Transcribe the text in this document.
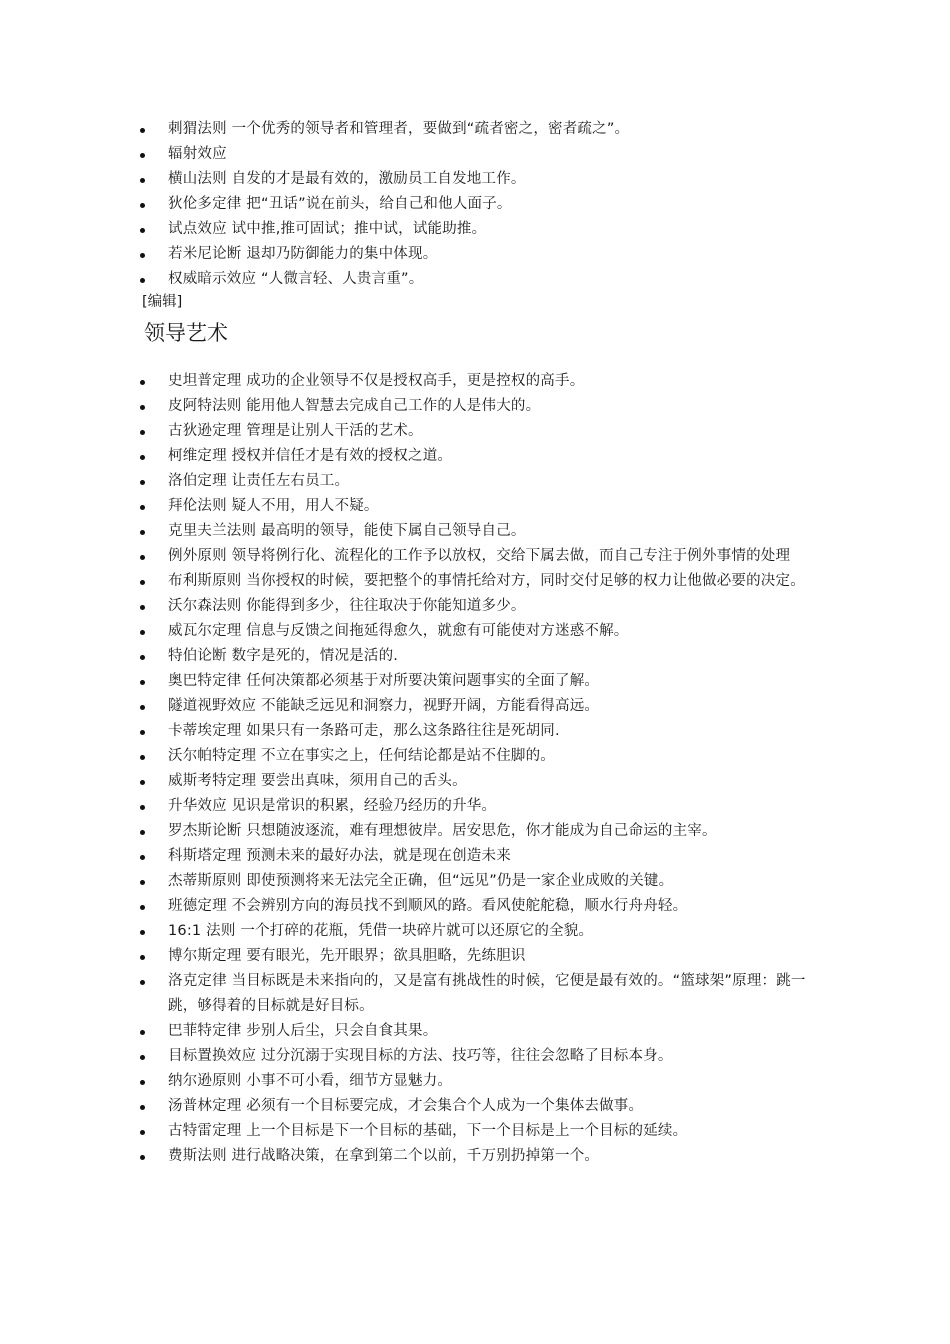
刺猬法则 一个优秀的领导者和管理者，要做到“疏者密之，密者疏之”。
辐射效应
横山法则 自发的才是最有效的，激励员工自发地工作。
狄伦多定律 把“丑话”说在前头，给自己和他人面子。
试点效应 试中推,推可固试；推中试，试能助推。
若米尼论断 退却乃防御能力的集中体现。
权威暗示效应 “人微言轻、人贵言重”。
[编辑]
领导艺术
史坦普定理 成功的企业领导不仅是授权高手，更是控权的高手。
皮阿特法则 能用他人智慧去完成自己工作的人是伟大的。
古狄逊定理 管理是让别人干活的艺术。
柯维定理 授权并信任才是有效的授权之道。
洛伯定理 让责任左右员工。
拜伦法则 疑人不用，用人不疑。
克里夫兰法则 最高明的领导，能使下属自己领导自己。
例外原则 领导将例行化、流程化的工作予以放权，交给下属去做，而自己专注于例外事情的处理
布利斯原则 当你授权的时候，要把整个的事情托给对方，同时交付足够的权力让他做必要的决定。
沃尔森法则 你能得到多少，往往取决于你能知道多少。
威瓦尔定理 信息与反馈之间拖延得愈久，就愈有可能使对方迷惑不解。
特伯论断 数字是死的，情况是活的.
奥巴特定律 任何决策都必须基于对所要决策问题事实的全面了解。
隧道视野效应 不能缺乏远见和洞察力，视野开阔，方能看得高远。
卡蒂埃定理 如果只有一条路可走，那么这条路往往是死胡同.
沃尔帕特定理 不立在事实之上，任何结论都是站不住脚的。
威斯考特定理 要尝出真味，须用自己的舌头。
升华效应 见识是常识的积累，经验乃经历的升华。
罗杰斯论断 只想随波逐流，难有理想彼岸。居安思危，你才能成为自己命运的主宰。
科斯塔定理 预测未来的最好办法，就是现在创造未来
杰蒂斯原则 即使预测将来无法完全正确，但“远见”仍是一家企业成败的关键。
班德定理 不会辨别方向的海员找不到顺风的路。看风使舵舵稳，顺水行舟舟轻。
16:1 法则 一个打碎的花瓶，凭借一块碎片就可以还原它的全貌。
博尔斯定理 要有眼光，先开眼界；欲具胆略，先练胆识
洛克定律 当目标既是未来指向的，又是富有挑战性的时候，它便是最有效的。“篮球架”原理：跳一跳，够得着的目标就是好目标。
巴菲特定律 步别人后尘，只会自食其果。
目标置换效应 过分沉溺于实现目标的方法、技巧等，往往会忽略了目标本身。
纳尔逊原则 小事不可小看，细节方显魅力。
汤普林定理 必须有一个目标要完成，才会集合个人成为一个集体去做事。
古特雷定理 上一个目标是下一个目标的基础，下一个目标是上一个目标的延续。
费斯法则 进行战略决策，在拿到第二个以前，千万别扔掉第一个。
